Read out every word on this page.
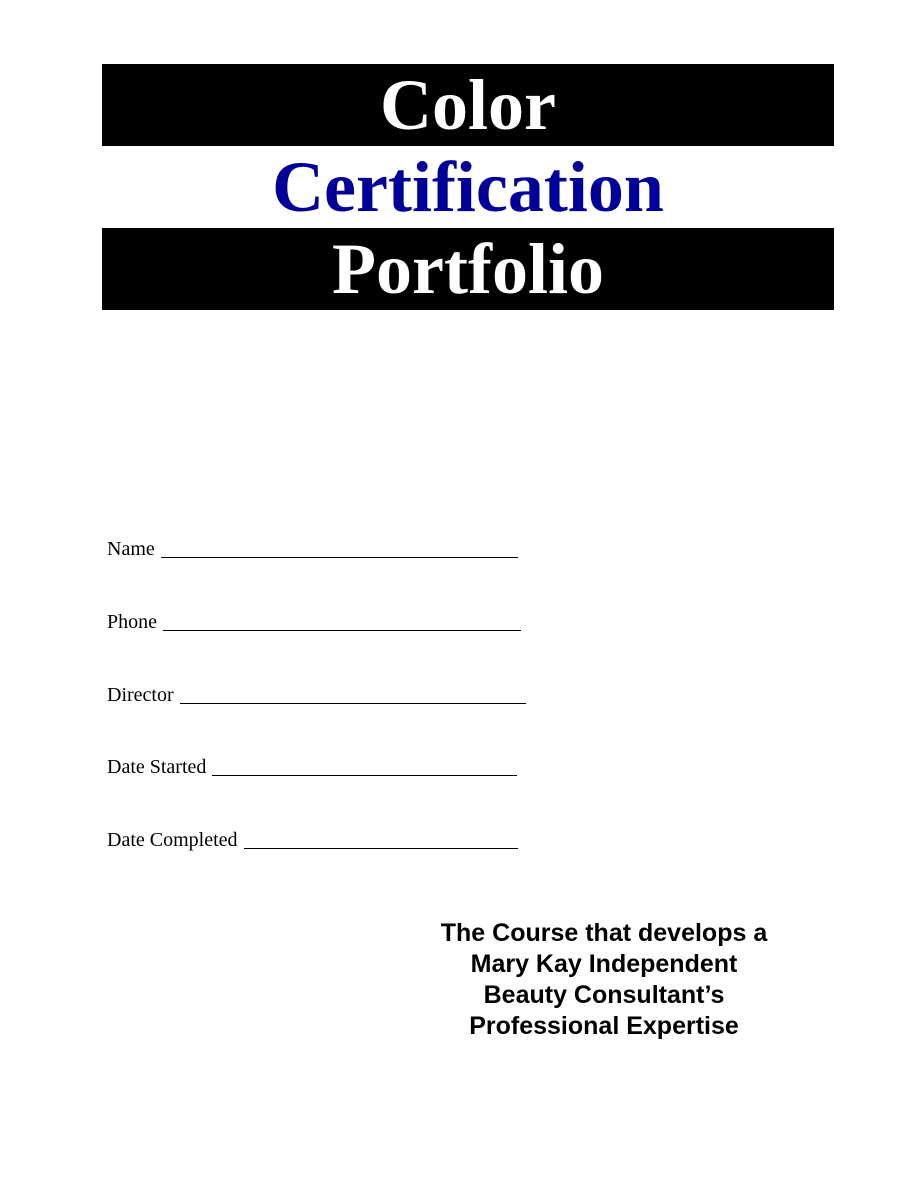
Color
Certification
Portfolio
Name
Phone
Director
Date Started
Date Completed
The Course that develops a
Mary Kay Independent
Beauty Consultant’s
Professional Expertise
